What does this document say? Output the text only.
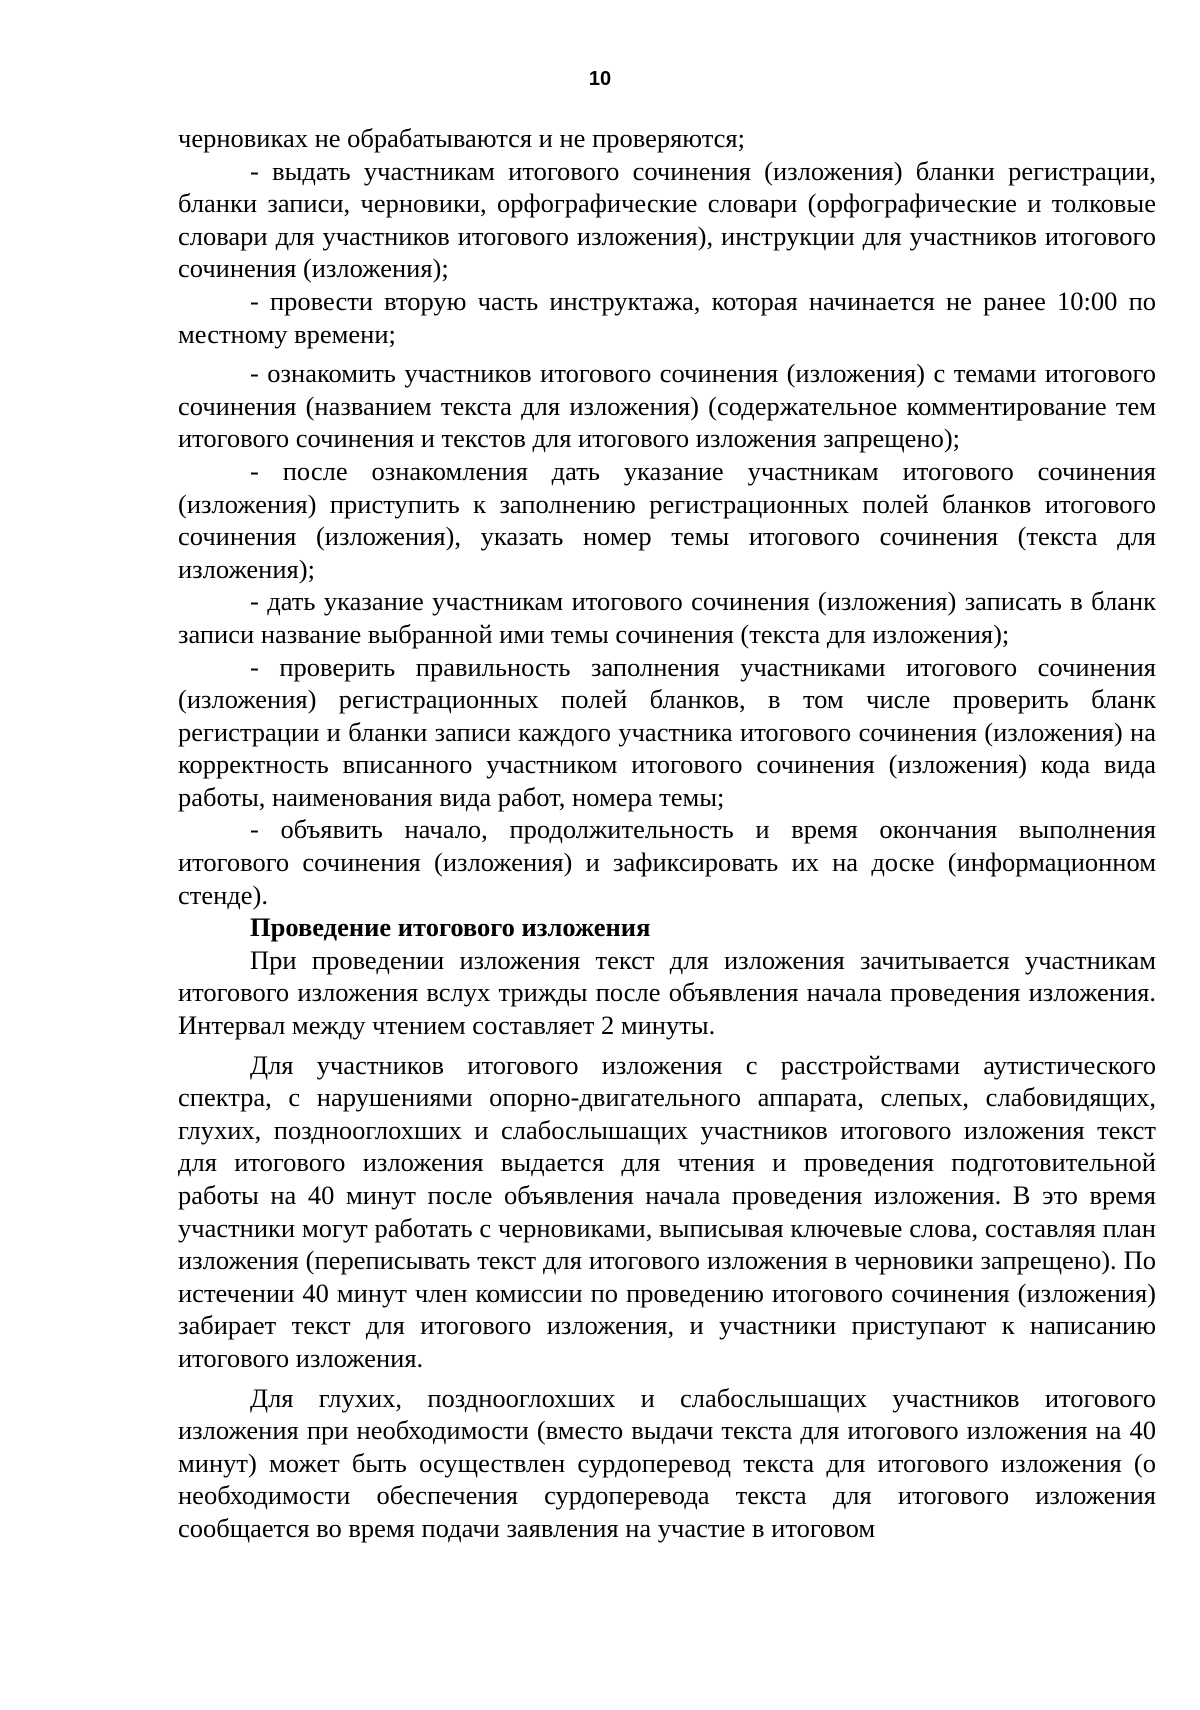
10

черновиках не обрабатываются и не проверяются;

- выдать участникам итогового сочинения (изложения) бланки регистрации, бланки записи, черновики, орфографические словари (орфографические и толковые словари для участников итогового изложения), инструкции для участников итогового сочинения (изложения);

- провести вторую часть инструктажа, которая начинается не ранее 10:00 по местному времени;

- ознакомить участников итогового сочинения (изложения) с темами итогового сочинения (названием текста для изложения) (содержательное комментирование тем итогового сочинения и текстов для итогового изложения запрещено);

- после ознакомления дать указание участникам итогового сочинения (изложения) приступить к заполнению регистрационных полей бланков итогового сочинения (изложения), указать номер темы итогового сочинения (текста для изложения);

- дать указание участникам итогового сочинения (изложения) записать в бланк записи название выбранной ими темы сочинения (текста для изложения);

- проверить правильность заполнения участниками итогового сочинения (изложения) регистрационных полей бланков, в том числе проверить бланк регистрации и бланки записи каждого участника итогового сочинения (изложения) на корректность вписанного участником итогового сочинения (изложения) кода вида работы, наименования вида работ, номера темы;

- объявить начало, продолжительность и время окончания выполнения итогового сочинения (изложения) и зафиксировать их на доске (информационном стенде).

Проведение итогового изложения

При проведении изложения текст для изложения зачитывается участникам итогового изложения вслух трижды после объявления начала проведения изложения. Интервал между чтением составляет 2 минуты.

Для участников итогового изложения с расстройствами аутистического спектра, с нарушениями опорно-двигательного аппарата, слепых, слабовидящих, глухих, позднооглохших и слабослышащих участников итогового изложения текст для итогового изложения выдается для чтения и проведения подготовительной работы на 40 минут после объявления начала проведения изложения. В это время участники могут работать с черновиками, выписывая ключевые слова, составляя план изложения (переписывать текст для итогового изложения в черновики запрещено). По истечении 40 минут член комиссии по проведению итогового сочинения (изложения) забирает текст для итогового изложения, и участники приступают к написанию итогового изложения.

Для глухих, позднооглохших и слабослышащих участников итогового изложения при необходимости (вместо выдачи текста для итогового изложения на 40 минут) может быть осуществлен сурдоперевод текста для итогового изложения (о необходимости обеспечения сурдоперевода текста для итогового изложения сообщается во время подачи заявления на участие в итоговом
